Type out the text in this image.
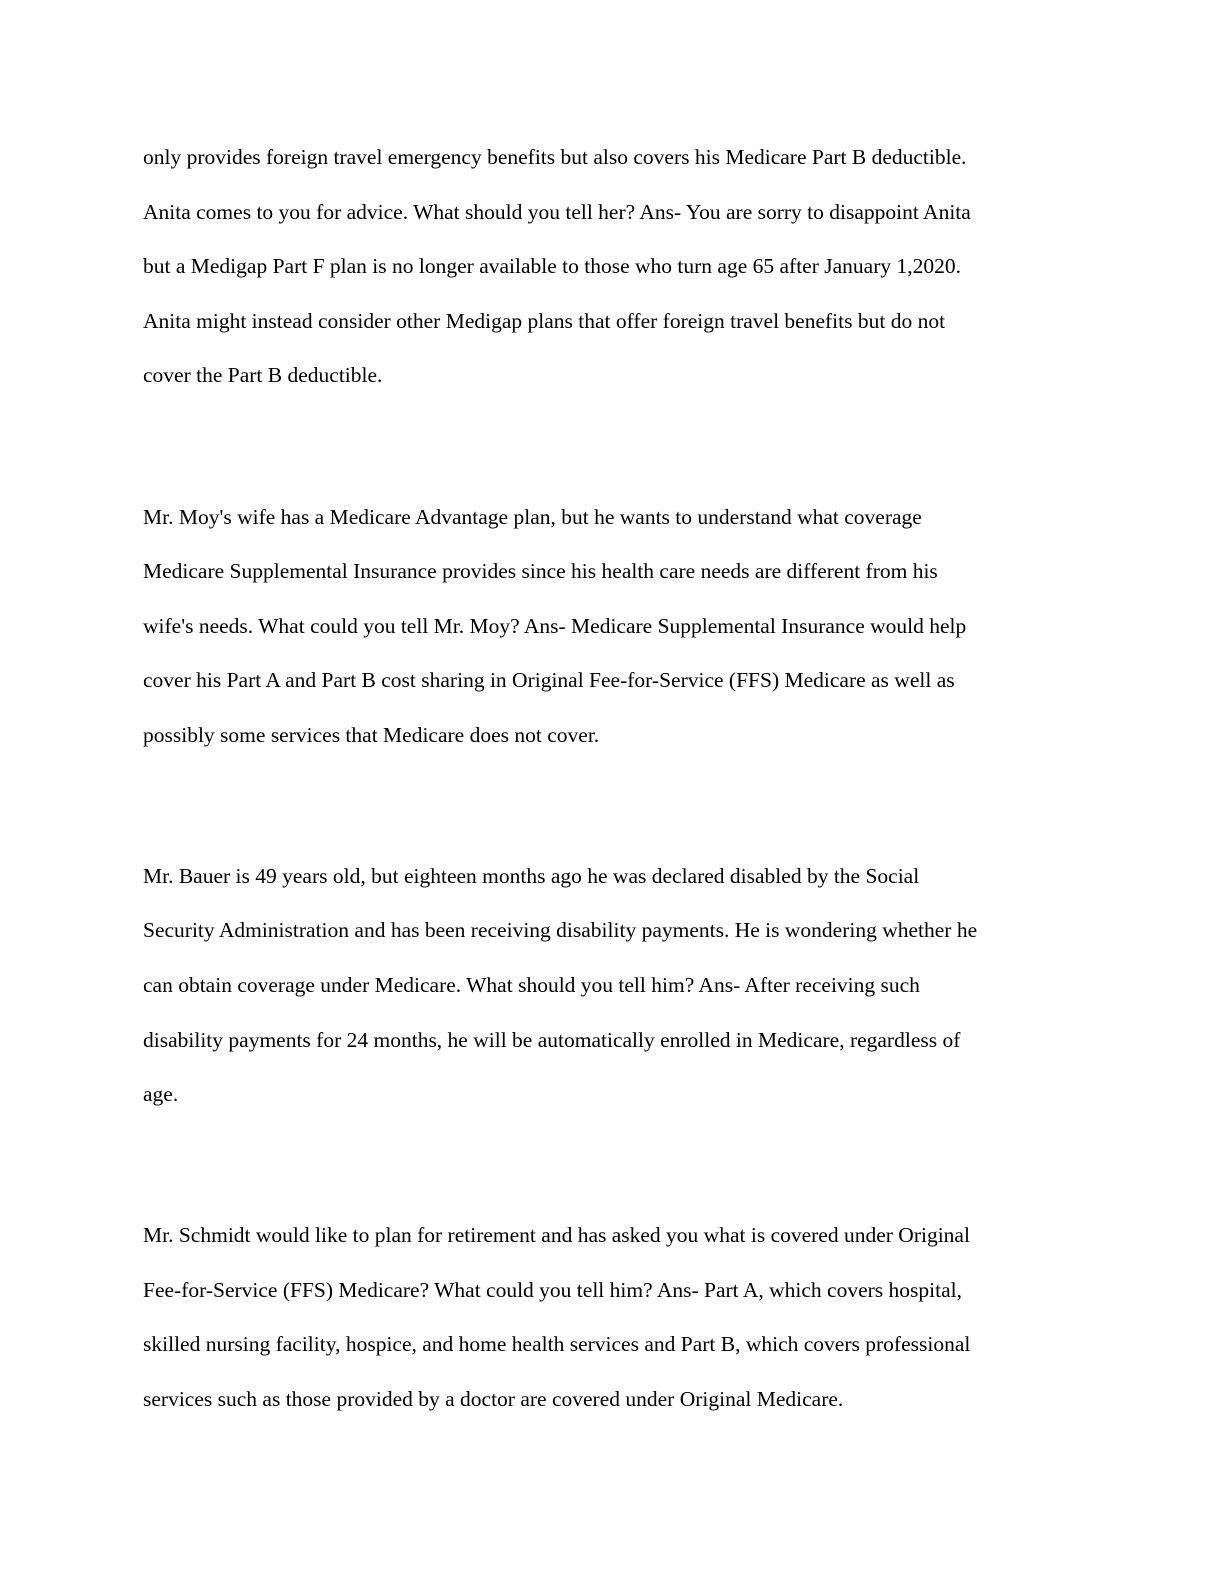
only provides foreign travel emergency benefits but also covers his Medicare Part B deductible.

Anita comes to you for advice. What should you tell her? Ans- You are sorry to disappoint Anita

but a Medigap Part F plan is no longer available to those who turn age 65 after January 1,2020.

Anita might instead consider other Medigap plans that offer foreign travel benefits but do not

cover the Part B deductible.

Mr. Moy's wife has a Medicare Advantage plan, but he wants to understand what coverage

Medicare Supplemental Insurance provides since his health care needs are different from his

wife's needs. What could you tell Mr. Moy? Ans- Medicare Supplemental Insurance would help

cover his Part A and Part B cost sharing in Original Fee-for-Service (FFS) Medicare as well as

possibly some services that Medicare does not cover.

Mr. Bauer is 49 years old, but eighteen months ago he was declared disabled by the Social

Security Administration and has been receiving disability payments. He is wondering whether he

can obtain coverage under Medicare. What should you tell him? Ans- After receiving such

disability payments for 24 months, he will be automatically enrolled in Medicare, regardless of

age.

Mr. Schmidt would like to plan for retirement and has asked you what is covered under Original

Fee-for-Service (FFS) Medicare? What could you tell him? Ans- Part A, which covers hospital,

skilled nursing facility, hospice, and home health services and Part B, which covers professional

services such as those provided by a doctor are covered under Original Medicare.
